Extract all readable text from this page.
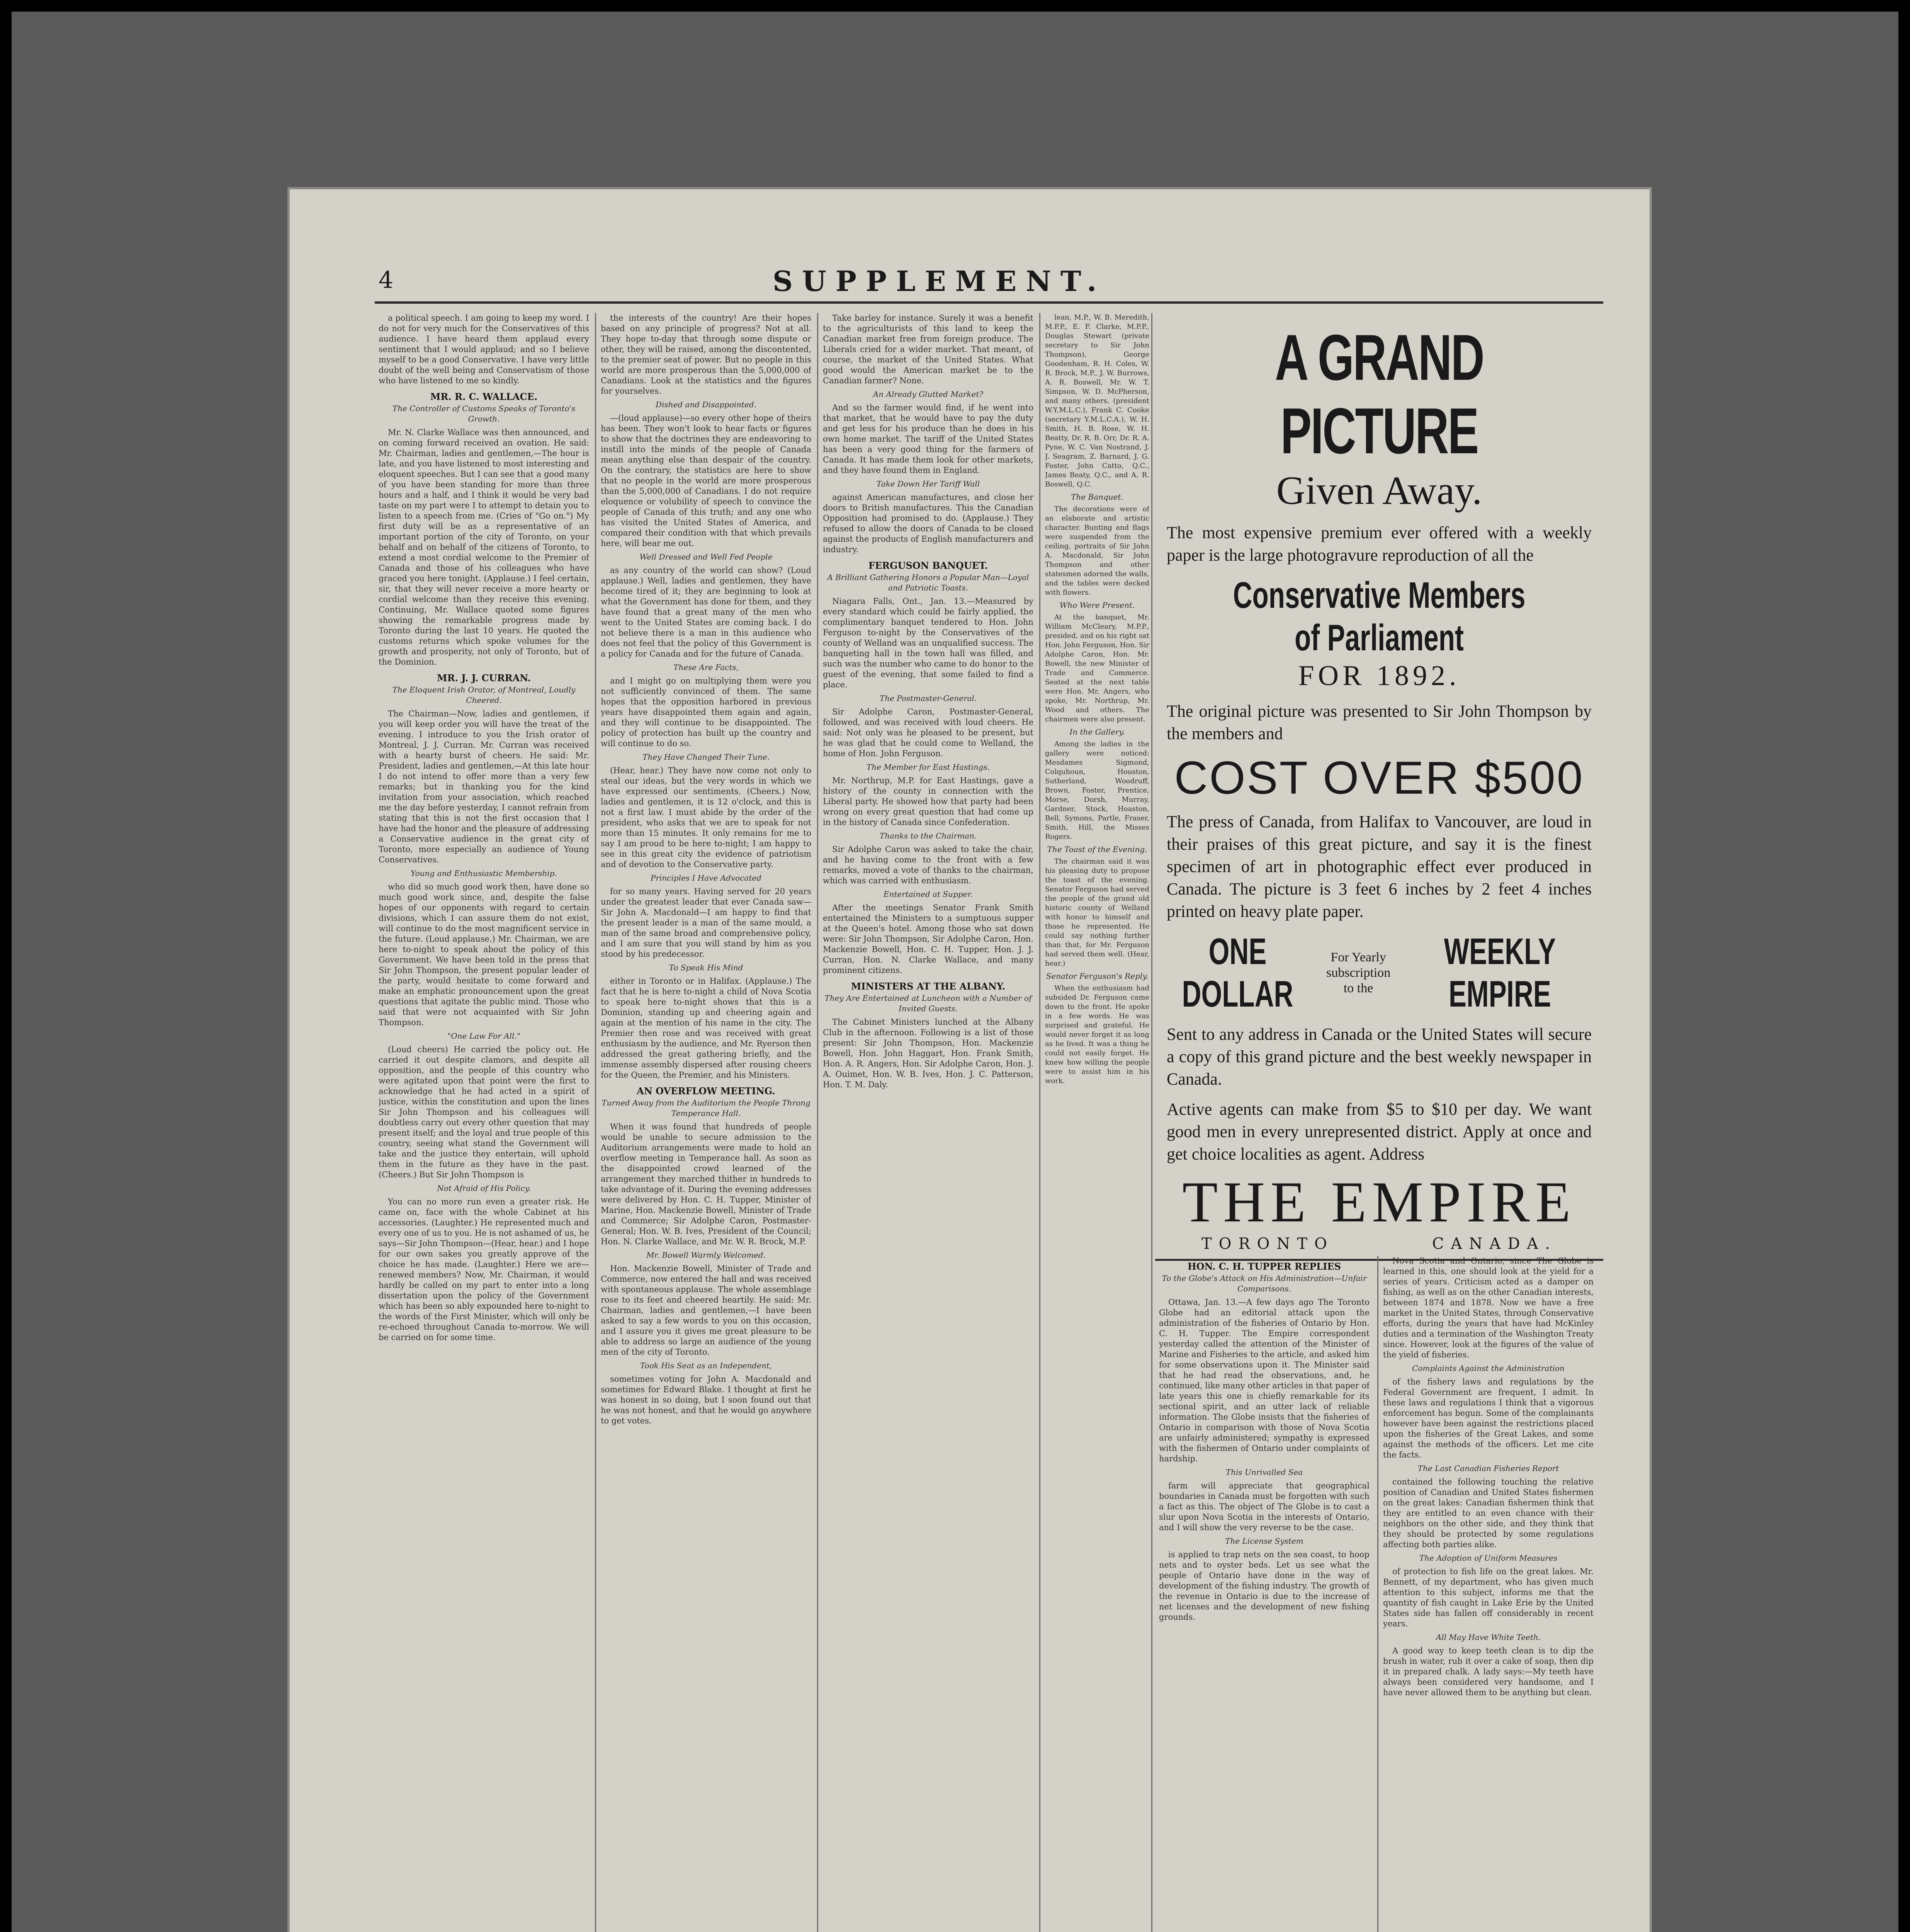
4	SUPPLEMENT.

a political speech. I am going to keep my word. I do not for very much for the Conservatives of this audience. I have heard them applaud every sentiment that I would applaud; and so I believe myself to be a good Conservative. I have very little doubt of the well being and Conservatism of those who have listened to me so kindly.

MR. R. C. WALLACE.
The Controller of Customs Speaks of Toronto's Growth.

Mr. N. Clarke Wallace was then announced, and on coming forward received an ovation. He said: Mr. Chairman, ladies and gentlemen,—The hour is late, and you have listened to most interesting and eloquent speeches. But I can see that a good many of you have been standing for more than three hours and a half, and I think it would be very bad taste on my part were I to attempt to detain you to listen to a speech from me. (Cries of "Go on.") My first duty will be as a representative of an important portion of the city of Toronto, on your behalf and on behalf of the citizens of Toronto, to extend a most cordial welcome to the Premier of Canada and those of his colleagues who have graced you here tonight. (Applause.) I feel certain, sir, that they will never receive a more hearty or cordial welcome than they receive this evening. Continuing, Mr. Wallace quoted some figures showing the remarkable progress made by Toronto during the last 10 years. He quoted the customs returns which spoke volumes for the growth and prosperity, not only of Toronto, but of the Dominion.

MR. J. J. CURRAN.
The Eloquent Irish Orator, of Montreal, Loudly Cheered.

The Chairman—Now, ladies and gentlemen, if you will keep order you will have the treat of the evening. I introduce to you the Irish orator of Montreal, J. J. Curran. Mr. Curran was received with a hearty burst of cheers. He said: Mr. President, ladies and gentlemen,—At this late hour I do not intend to offer more than a very few remarks; but in thanking you for the kind invitation from your association, which reached me the day before yesterday, I cannot refrain from stating that this is not the first occasion that I have had the honor and the pleasure of addressing a Conservative audience in the great city of Toronto, more especially an audience of Young Conservatives.

Young and Enthusiastic Membership.

who did so much good work then, have done so much good work since, and, despite the false hopes of our opponents with regard to certain divisions, which I can assure them do not exist, will continue to do the most magnificent service in the future. (Loud applause.) Mr. Chairman, we are here to-night to speak about the policy of this Government. We have been told in the press that Sir John Thompson, the present popular leader of the party, would hesitate to come forward and make an emphatic pronouncement upon the great questions that agitate the public mind. Those who said that were not acquainted with Sir John Thompson.

"One Law For All."

(Loud cheers) He carried the policy out. He carried it out despite clamors, and despite all opposition, and the people of this country who were agitated upon that point were the first to acknowledge that he had acted in a spirit of justice, within the constitution and upon the lines Sir John Thompson and his colleagues will doubtless carry out every other question that may present itself; and the loyal and true people of this country, seeing what stand the Government will take and the justice they entertain, will uphold them in the future as they have in the past. (Cheers.) But Sir John Thompson is

Not Afraid of His Policy.

You can no more run even a greater risk. He came on, face with the whole Cabinet at his accessories. (Laughter.) He represented much and every one of us to you. He is not ashamed of us, he says—Sir John Thompson—(Hear, hear.) and I hope for our own sakes you greatly approve of the choice he has made. (Laughter.) Here we are—renewed members? Now, Mr. Chairman, it would hardly be called on my part to enter into a long dissertation upon the policy of the Government which has been so ably expounded here to-night to the words of the First Minister, which will only be re-echoed throughout Canada to-morrow. We will be carried on for some time.

the interests of the country! Are their hopes based on any principle of progress? Not at all. They hope to-day that through some dispute or other, they will be raised, among the discontented, to the premier seat of power. But no people in this world are more prosperous than the 5,000,000 of Canadians. Look at the statistics and the figures for yourselves.

Dished and Disappointed.

—(loud applause)—so every other hope of theirs has been. They won't look to hear facts or figures to show that the doctrines they are endeavoring to instill into the minds of the people of Canada mean anything else than despair of the country. On the contrary, the statistics are here to show that no people in the world are more prosperous than the 5,000,000 of Canadians. I do not require eloquence or volubility of speech to convince the people of Canada of this truth; and any one who has visited the United States of America, and compared their condition with that which prevails here, will bear me out.

Well Dressed and Well Fed People

as any country of the world can show? (Loud applause.) Well, ladies and gentlemen, they have become tired of it; they are beginning to look at what the Government has done for them, and they have found that a great many of the men who went to the United States are coming back. I do not believe there is a man in this audience who does not feel that the policy of this Government is a policy for Canada and for the future of Canada.

These Are Facts,

and I might go on multiplying them were you not sufficiently convinced of them. The same hopes that the opposition harbored in previous years have disappointed them again and again, and they will continue to be disappointed. The policy of protection has built up the country and will continue to do so.

They Have Changed Their Tune.

(Hear, hear.) They have now come not only to steal our ideas, but the very words in which we have expressed our sentiments. (Cheers.) Now, ladies and gentlemen, it is 12 o'clock, and this is not a first law. I must abide by the order of the president, who asks that we are to speak for not more than 15 minutes. It only remains for me to say I am proud to be here to-night; I am happy to see in this great city the evidence of patriotism and of devotion to the Conservative party.

Principles I Have Advocated

for so many years. Having served for 20 years under the greatest leader that ever Canada saw—Sir John A. Macdonald—I am happy to find that the present leader is a man of the same mould, a man of the same broad and comprehensive policy, and I am sure that you will stand by him as you stood by his predecessor.

To Speak His Mind

either in Toronto or in Halifax. (Applause.) The fact that he is here to-night a child of Nova Scotia to speak here to-night shows that this is a Dominion, standing up and cheering again and again at the mention of his name in the city. The Premier then rose and was received with great enthusiasm by the audience, and Mr. Ryerson then addressed the great gathering briefly, and the immense assembly dispersed after rousing cheers for the Queen, the Premier, and his Ministers.

AN OVERFLOW MEETING.
Turned Away from the Auditorium the People Throng Temperance Hall.

When it was found that hundreds of people would be unable to secure admission to the Auditorium arrangements were made to hold an overflow meeting in Temperance hall. As soon as the disappointed crowd learned of the arrangement they marched thither in hundreds to take advantage of it. During the evening addresses were delivered by Hon. C. H. Tupper, Minister of Marine, Hon. Mackenzie Bowell, Minister of Trade and Commerce; Sir Adolphe Caron, Postmaster-General; Hon. W. B. Ives, President of the Council; Hon. N. Clarke Wallace, and Mr. W. R. Brock, M.P.

Mr. Bowell Warmly Welcomed.

Hon. Mackenzie Bowell, Minister of Trade and Commerce, now entered the hall and was received with spontaneous applause. The whole assemblage rose to its feet and cheered heartily. He said: Mr. Chairman, ladies and gentlemen,—I have been asked to say a few words to you on this occasion, and I assure you it gives me great pleasure to be able to address so large an audience of the young men of the city of Toronto.

Took His Seat as an Independent,

sometimes voting for John A. Macdonald and sometimes for Edward Blake. I thought at first he was honest in so doing, but I soon found out that he was not honest, and that he would go anywhere to get votes.

Take barley for instance. Surely it was a benefit to the agriculturists of this land to keep the Canadian market free from foreign produce. The Liberals cried for a wider market. That meant, of course, the market of the United States. What good would the American market be to the Canadian farmer? None.

An Already Glutted Market?

And so the farmer would find, if he went into that market, that he would have to pay the duty and get less for his produce than he does in his own home market. The tariff of the United States has been a very good thing for the farmers of Canada. It has made them look for other markets, and they have found them in England.

Take Down Her Tariff Wall

against American manufactures, and close her doors to British manufactures. This the Canadian Opposition had promised to do. (Applause.) They refused to allow the doors of Canada to be closed against the products of English manufacturers and industry.

FERGUSON BANQUET.
A Brilliant Gathering Honors a Popular Man—Loyal and Patriotic Toasts.

Niagara Falls, Ont., Jan. 13.—Measured by every standard which could be fairly applied, the complimentary banquet tendered to Hon. John Ferguson to-night by the Conservatives of the county of Welland was an unqualified success. The banqueting hall in the town hall was filled, and such was the number who came to do honor to the guest of the evening, that some failed to find a place.

The Postmaster-General.

Sir Adolphe Caron, Postmaster-General, followed, and was received with loud cheers. He said: Not only was he pleased to be present, but he was glad that he could come to Welland, the home of Hon. John Ferguson.

The Member for East Hastings.

Mr. Northrup, M.P. for East Hastings, gave a history of the county in connection with the Liberal party. He showed how that party had been wrong on every great question that had come up in the history of Canada since Confederation.

Thanks to the Chairman.

Sir Adolphe Caron was asked to take the chair, and he having come to the front with a few remarks, moved a vote of thanks to the chairman, which was carried with enthusiasm.

Entertained at Supper.

After the meetings Senator Frank Smith entertained the Ministers to a sumptuous supper at the Queen's hotel. Among those who sat down were: Sir John Thompson, Sir Adolphe Caron, Hon. Mackenzie Bowell, Hon. C. H. Tupper, Hon. J. J. Curran, Hon. N. Clarke Wallace, and many prominent citizens.

MINISTERS AT THE ALBANY.
They Are Entertained at Luncheon with a Number of Invited Guests.

The Cabinet Ministers lunched at the Albany Club in the afternoon. Following is a list of those present: Sir John Thompson, Hon. Mackenzie Bowell, Hon. John Haggart, Hon. Frank Smith, Hon. A. R. Angers, Hon. Sir Adolphe Caron, Hon. J. A. Ouimet, Hon. W. B. Ives, Hon. J. C. Patterson, Hon. T. M. Daly.

lean, M.P., W. B. Meredith, M.P.P., E. F. Clarke, M.P.P., Douglas Stewart (private secretary to Sir John Thompson), George Goodenham, R. H. Coles, W. R. Brock, M.P., J. W. Burrows, A. R. Boswell, Mr. W. T. Simpson, W. D. McPherson, and many others. (president W.Y.M.L.C.), Frank C. Cooke (secretary Y.M.L.C.A.), W. H. Smith, H. B. Rose, W. H. Beatty, Dr. R. B. Orr, Dr. R. A. Pyne, W. C. Van Nostrand, J. J. Seagram, Z. Barnard, J. G. Foster, John Catto, Q.C., James Beaty, Q.C., and A. R. Boswell, Q.C.

The Banquet.

The decorations were of an elaborate and artistic character. Bunting and flags were suspended from the ceiling, portraits of Sir John A. Macdonald, Sir John Thompson and other statesmen adorned the walls, and the tables were decked with flowers.

Who Were Present.

At the banquet, Mr. William McCleary, M.P.P., presided, and on his right sat Hon. John Ferguson, Hon. Sir Adolphe Caron, Hon. Mr. Bowell, the new Minister of Trade and Commerce. Seated at the next table were Hon. Mr. Angers, who spoke, Mr. Northrup, Mr. Wood and others. The chairmen were also present.

In the Gallery.

Among the ladies in the gallery were noticed: Mesdames Sigmond, Colquhoun, Houston, Sutherland, Woodruff, Brown, Foster, Prentice, Morse, Dorsh, Murray, Gardner, Stock, Hoaston, Bell, Symons, Partle, Fraser, Smith, Hill, the Misses Rogers.

The Toast of the Evening.

The chairman said it was his pleasing duty to propose the toast of the evening. Senator Ferguson had served the people of the grand old historic county of Welland with honor to himself and those he represented. He could say nothing further than that, for Mr. Ferguson had served them well. (Hear, hear.)

Senator Ferguson's Reply.

When the enthusiasm had subsided Dr. Ferguson came down to the front. He spoke in a few words. He was surprised and grateful. He would never forget it as long as he lived. It was a thing he could not easily forget. He knew how willing the people were to assist him in his work.

A GRAND PICTURE
Given Away.
The most expensive premium ever offered with a weekly paper is the large photogravure reproduction of all the
Conservative Members of Parliament
FOR 1892.
The original picture was presented to Sir John Thompson by the members and
COST OVER $500
The press of Canada, from Halifax to Vancouver, are loud in their praises of this great picture, and say it is the finest specimen of art in photographic effect ever produced in Canada. The picture is 3 feet 6 inches by 2 feet 4 inches printed on heavy plate paper.
ONE DOLLAR
For Yearly subscription to the
WEEKLY EMPIRE
Sent to any address in Canada or the United States will secure a copy of this grand picture and the best weekly newspaper in Canada.
Active agents can make from $5 to $10 per day. We want good men in every unrepresented district. Apply at once and get choice localities as agent. Address
THE EMPIRE
TORONTO	CANADA.
HON. C. H. TUPPER REPLIES
To the Globe's Attack on His Administration—Unfair Comparisons.

Ottawa, Jan. 13.—A few days ago The Toronto Globe had an editorial attack upon the administration of the fisheries of Ontario by Hon. C. H. Tupper. The Empire correspondent yesterday called the attention of the Minister of Marine and Fisheries to the article, and asked him for some observations upon it. The Minister said that he had read the observations, and, he continued, like many other articles in that paper of late years this one is chiefly remarkable for its sectional spirit, and an utter lack of reliable information. The Globe insists that the fisheries of Ontario in comparison with those of Nova Scotia are unfairly administered; sympathy is expressed with the fishermen of Ontario under complaints of hardship.

This Unrivalled Sea

farm will appreciate that geographical boundaries in Canada must be forgotten with such a fact as this. The object of The Globe is to cast a slur upon Nova Scotia in the interests of Ontario, and I will show the very reverse to be the case.

The License System

is applied to trap nets on the sea coast, to hoop nets and to oyster beds. Let us see what the people of Ontario have done in the way of development of the fishing industry. The growth of the revenue in Ontario is due to the increase of net licenses and the development of new fishing grounds.

Nova Scotia and Ontario, since The Globe is learned in this, one should look at the yield for a series of years. Criticism acted as a damper on fishing, as well as on the other Canadian interests, between 1874 and 1878. Now we have a free market in the United States, through Conservative efforts, during the years that have had McKinley duties and a termination of the Washington Treaty since. However, look at the figures of the value of the yield of fisheries.

Complaints Against the Administration

of the fishery laws and regulations by the Federal Government are frequent, I admit. In these laws and regulations I think that a vigorous enforcement has begun. Some of the complainants however have been against the restrictions placed upon the fisheries of the Great Lakes, and some against the methods of the officers. Let me cite the facts.

The Last Canadian Fisheries Report

contained the following touching the relative position of Canadian and United States fishermen on the great lakes: Canadian fishermen think that they are entitled to an even chance with their neighbors on the other side, and they think that they should be protected by some regulations affecting both parties alike.

The Adoption of Uniform Measures

of protection to fish life on the great lakes. Mr. Bennett, of my department, who has given much attention to this subject, informs me that the quantity of fish caught in Lake Erie by the United States side has fallen off considerably in recent years.

All May Have White Teeth.

A good way to keep teeth clean is to dip the brush in water, rub it over a cake of soap, then dip it in prepared chalk. A lady says:—My teeth have always been considered very handsome, and I have never allowed them to be anything but clean.
